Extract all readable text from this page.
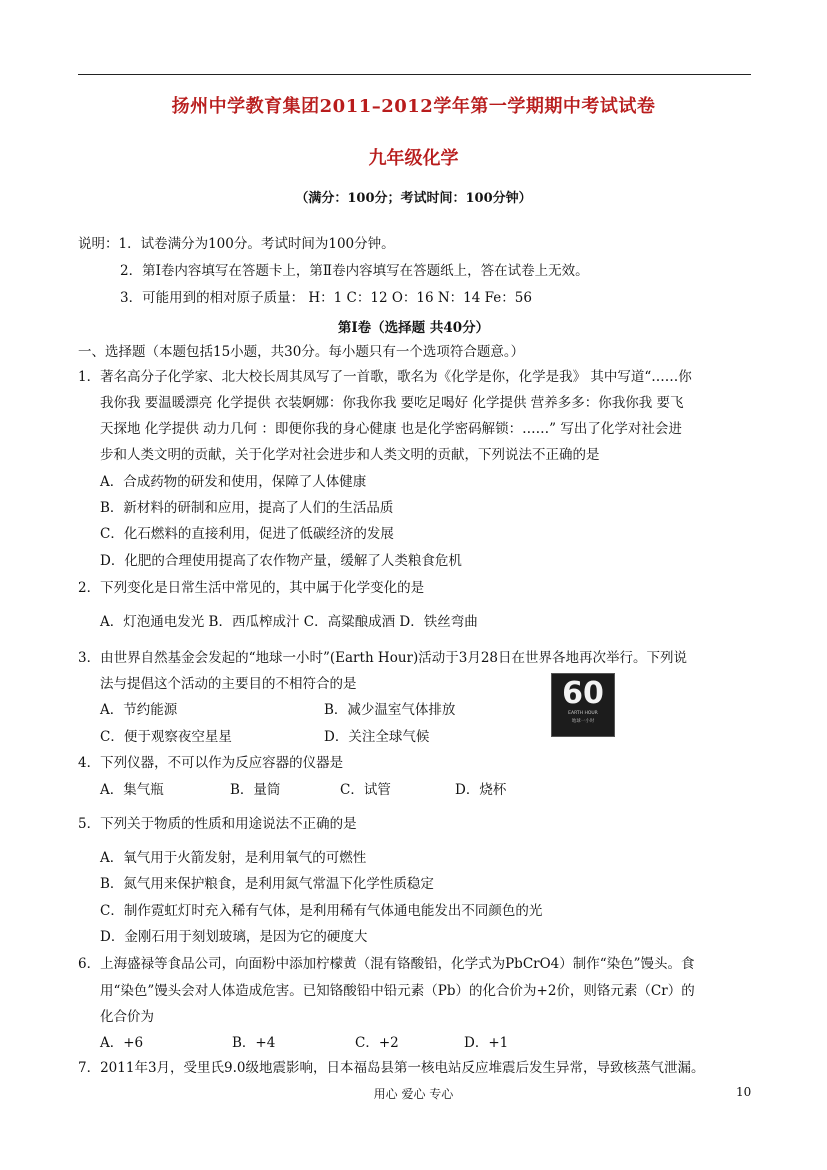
扬州中学教育集团2011–2012学年第一学期期中考试试卷
九年级化学
（满分：100分；考试时间：100分钟）
说明：1．试卷满分为100分。考试时间为100分钟。
2．第Ⅰ卷内容填写在答题卡上，第Ⅱ卷内容填写在答题纸上，答在试卷上无效。
3．可能用到的相对原子质量： H：1 C：12 O：16 N：14 Fe：56
第Ⅰ卷（选择题 共40分）
一、选择题（本题包括15小题，共30分。每小题只有一个选项符合题意。）
1．著名高分子化学家、北大校长周其凤写了一首歌，歌名为《化学是你，化学是我》 其中写道“……你
我你我 要温暖漂亮 化学提供 衣装婀娜：你我你我 要吃足喝好 化学提供 营养多多：你我你我 要飞
天探地 化学提供 动力几何 ：即便你我的身心健康 也是化学密码解锁：……” 写出了化学对社会进
步和人类文明的贡献，关于化学对社会进步和人类文明的贡献，下列说法不正确的是
A．合成药物的研发和使用，保障了人体健康
B．新材料的研制和应用，提高了人们的生活品质
C．化石燃料的直接利用，促进了低碳经济的发展
D．化肥的合理使用提高了农作物产量，缓解了人类粮食危机
2．下列变化是日常生活中常见的，其中属于化学变化的是
A．灯泡通电发光 B．西瓜榨成汁 C．高粱酿成酒 D．铁丝弯曲
3．由世界自然基金会发起的“地球一小时”(Earth Hour)活动于3月28日在世界各地再次举行。下列说
法与提倡这个活动的主要目的不相符合的是
A．节约能源	B．减少温室气体排放
C．便于观察夜空星星	D．关注全球气候
60
EARTH HOUR
地球一小时
4．下列仪器，不可以作为反应容器的仪器是
A．集气瓶	B．量筒	C．试管	D．烧杯
5．下列关于物质的性质和用途说法不正确的是
A．氧气用于火箭发射，是利用氧气的可燃性
B．氮气用来保护粮食，是利用氮气常温下化学性质稳定
C．制作霓虹灯时充入稀有气体，是利用稀有气体通电能发出不同颜色的光
D．金刚石用于刻划玻璃，是因为它的硬度大
6．上海盛禄等食品公司，向面粉中添加柠檬黄（混有铬酸铅，化学式为PbCrO4）制作“染色”馒头。食
用“染色”馒头会对人体造成危害。已知铬酸铅中铅元素（Pb）的化合价为+2价，则铬元素（Cr）的
化合价为
A．+6	B．+4	C．+2	D．+1
7．2011年3月，受里氏9.0级地震影响，日本福岛县第一核电站反应堆震后发生异常，导致核蒸气泄漏。
用心 爱心 专心	10
